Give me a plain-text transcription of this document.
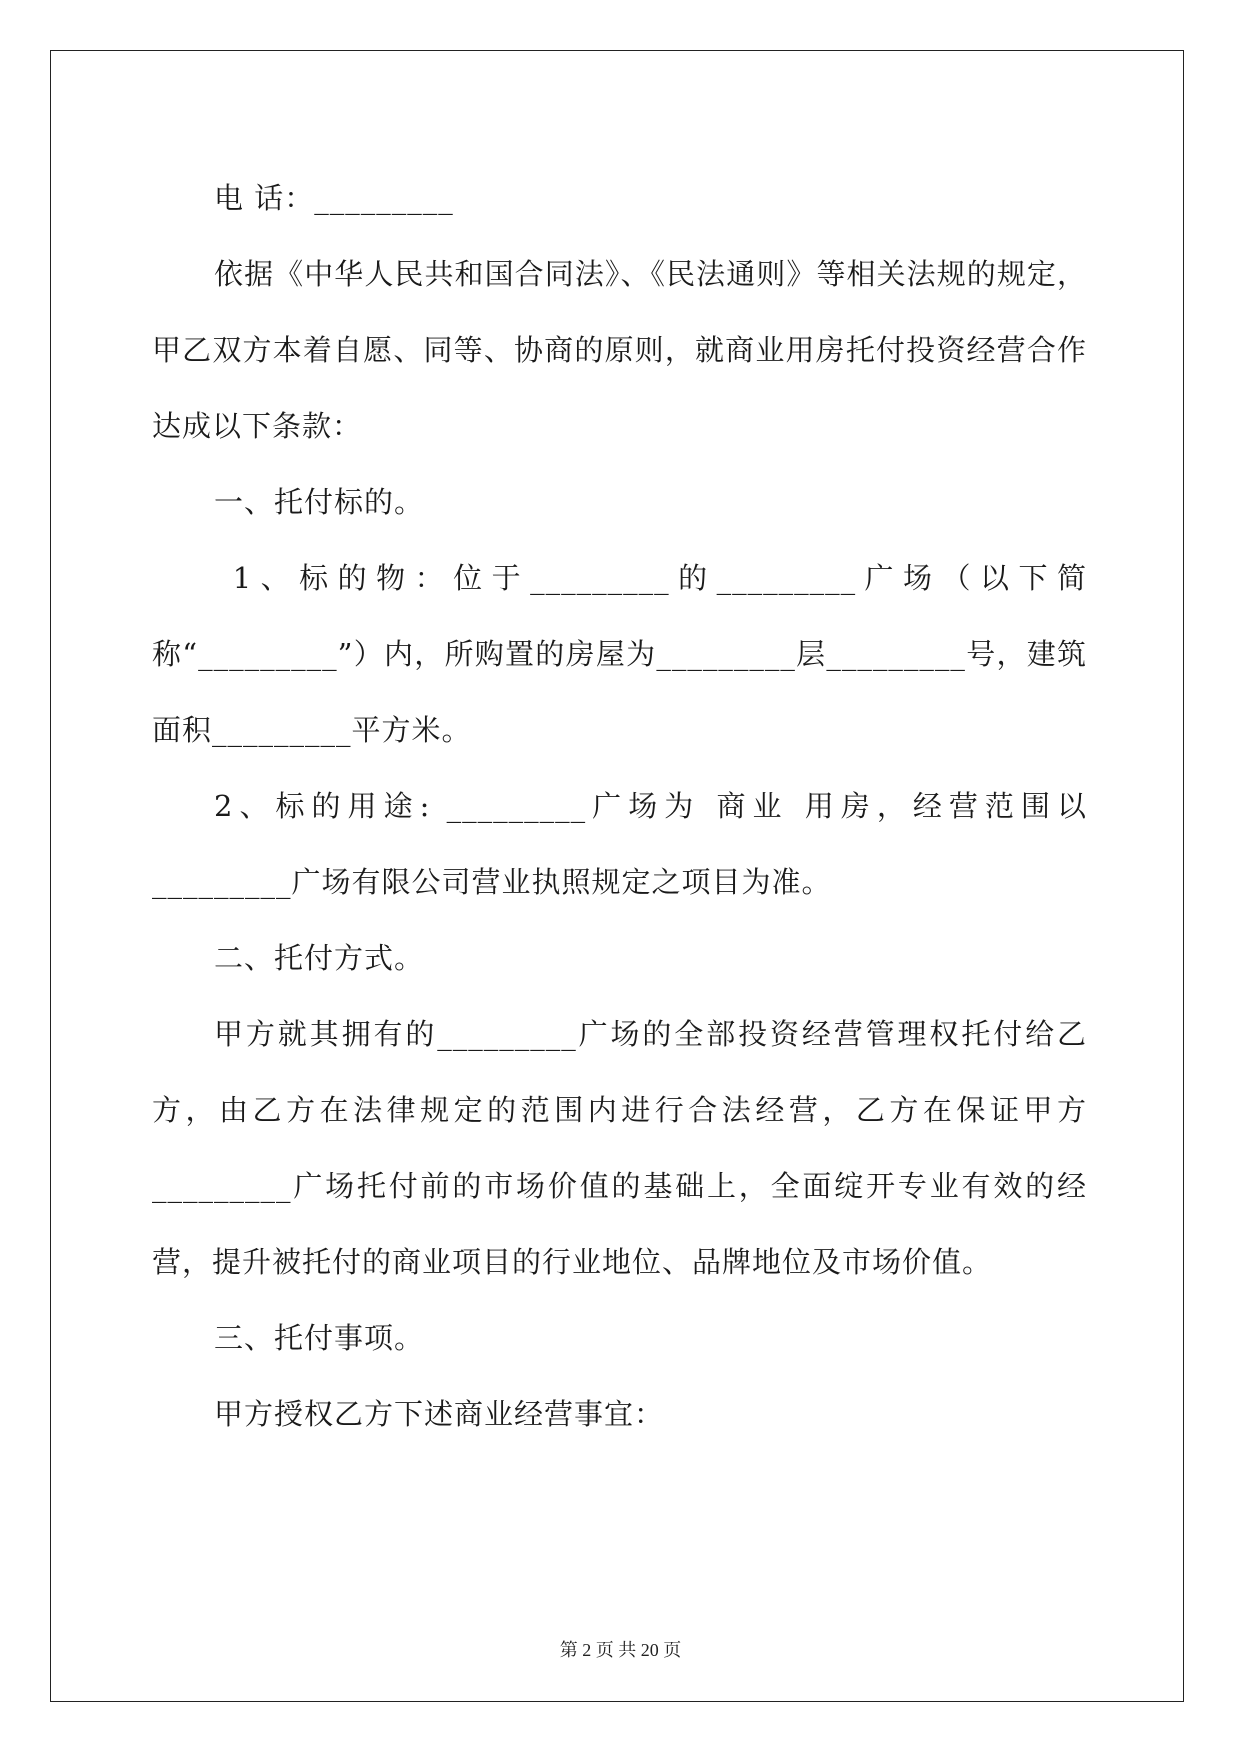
电 话：_________

依据《中华人民共和国合同法》、《民法通则》等相关法规的规定，甲乙双方本着自愿、同等、协商的原则，就商业用房托付投资经营合作达成以下条款：

一、托付标的。

1、标的物：位于_________的_________广场（以下简称“_________”）内，所购置的房屋为_________层_________号，建筑面积_________平方米。

2、标的用途: _________广场为 商业 用房，经营范围以_________广场有限公司营业执照规定之项目为准。

二、托付方式。

甲方就其拥有的_________广场的全部投资经营管理权托付给乙方，由乙方在法律规定的范围内进行合法经营，乙方在保证甲方_________广场托付前的市场价值的基础上，全面绽开专业有效的经营，提升被托付的商业项目的行业地位、品牌地位及市场价值。

三、托付事项。

甲方授权乙方下述商业经营事宜：

第 2 页 共 20 页
